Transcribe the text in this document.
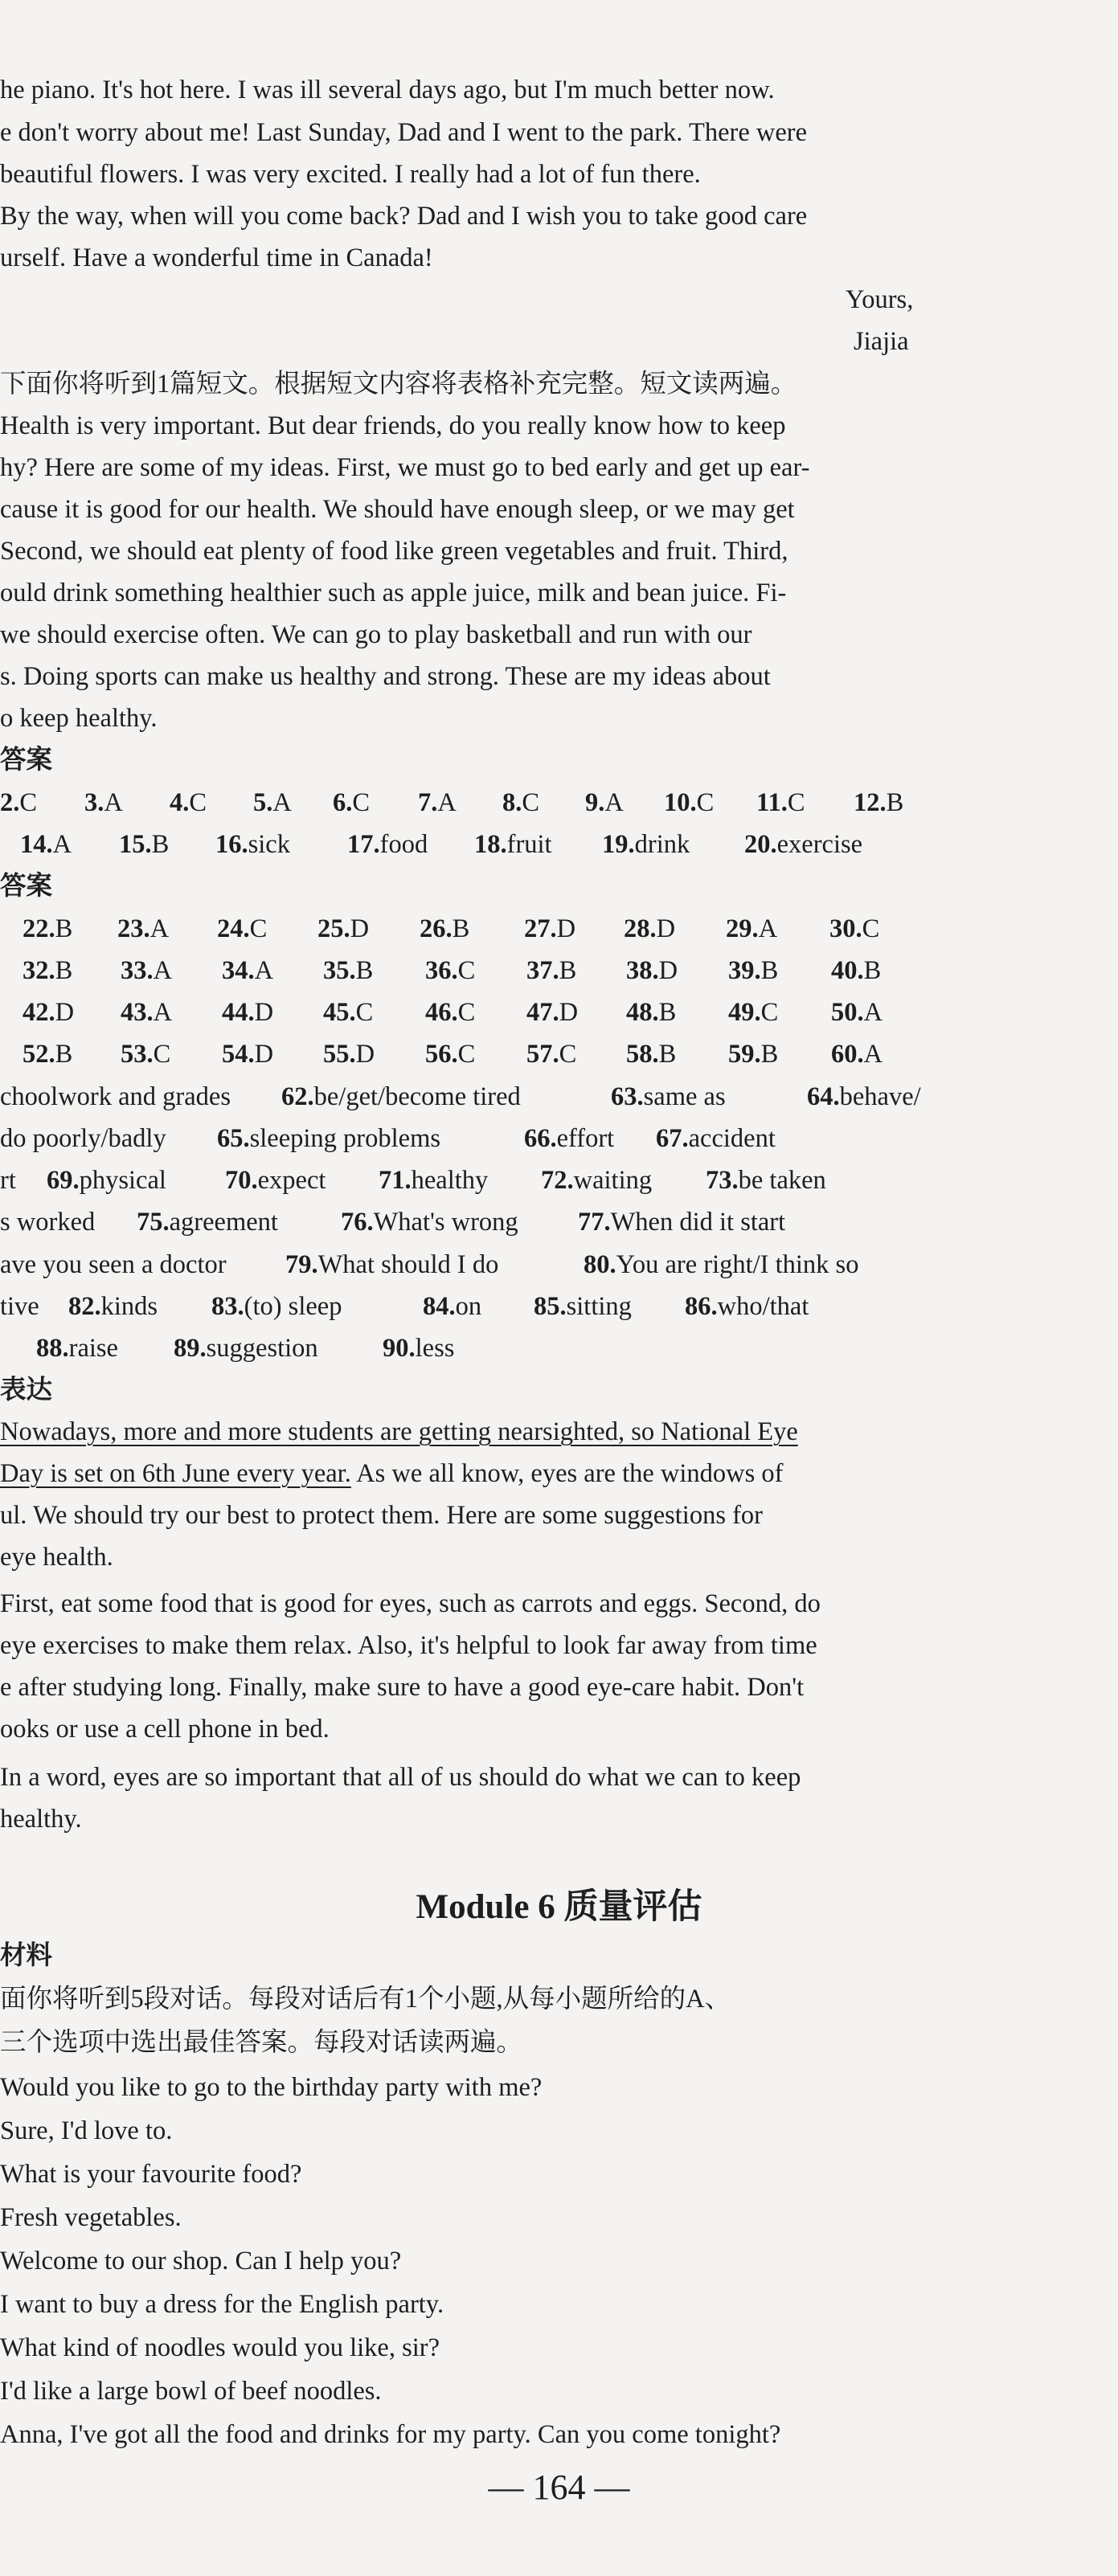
he piano. It's hot here. I was ill several days ago, but I'm much better now.
e don't worry about me! Last Sunday, Dad and I went to the park. There were
beautiful flowers. I was very excited. I really had a lot of fun there.
By the way, when will you come back? Dad and I wish you to take good care
urself. Have a wonderful time in Canada!
Yours,
Jiajia
下面你将听到1篇短文。根据短文内容将表格补充完整。短文读两遍。
Health is very important. But dear friends, do you really know how to keep
hy? Here are some of my ideas. First, we must go to bed early and get up ear-
cause it is good for our health. We should have enough sleep, or we may get
Second, we should eat plenty of food like green vegetables and fruit. Third,
ould drink something healthier such as apple juice, milk and bean juice. Fi-
we should exercise often. We can go to play basketball and run with our
s. Doing sports can make us healthy and strong. These are my ideas about
o keep healthy.
答案
2.C 3.A 4.C 5.A 6.C 7.A 8.C 9.A 10.C 11.C 12.B
14.A 15.B 16.sick 17.food 18.fruit 19.drink 20.exercise
答案
22.B 23.A 24.C 25.D 26.B 27.D 28.D 29.A 30.C
32.B 33.A 34.A 35.B 36.C 37.B 38.D 39.B 40.B
42.D 43.A 44.D 45.C 46.C 47.D 48.B 49.C 50.A
52.B 53.C 54.D 55.D 56.C 57.C 58.B 59.B 60.A
choolwork and grades 62.be/get/become tired	63.same as	64.behave/
do poorly/badly 65.sleeping problems	66.effort 67.accident
rt 69.physical 70.expect 71.healthy 72.waiting 73.be taken
s worked 75.agreement 76.What's wrong 77.When did it start
ave you seen a doctor 79.What should I do	80.You are right/I think so
tive 82.kinds 83.(to) sleep	84.on 85.sitting 86.who/that
88.raise 89.suggestion 90.less
表达
Nowadays, more and more students are getting nearsighted, so National Eye
Day is set on 6th June every year. As we all know, eyes are the windows of
ul. We should try our best to protect them. Here are some suggestions for
eye health.
First, eat some food that is good for eyes, such as carrots and eggs. Second, do
eye exercises to make them relax. Also, it's helpful to look far away from time
e after studying long. Finally, make sure to have a good eye-care habit. Don't
ooks or use a cell phone in bed.
In a word, eyes are so important that all of us should do what we can to keep
healthy.
Module 6 质量评估
材料
面你将听到5段对话。每段对话后有1个小题,从每小题所给的A、
三个选项中选出最佳答案。每段对话读两遍。
Would you like to go to the birthday party with me?
Sure, I'd love to.
What is your favourite food?
Fresh vegetables.
Welcome to our shop. Can I help you?
I want to buy a dress for the English party.
What kind of noodles would you like, sir?
I'd like a large bowl of beef noodles.
Anna, I've got all the food and drinks for my party. Can you come tonight?
— 164 —
